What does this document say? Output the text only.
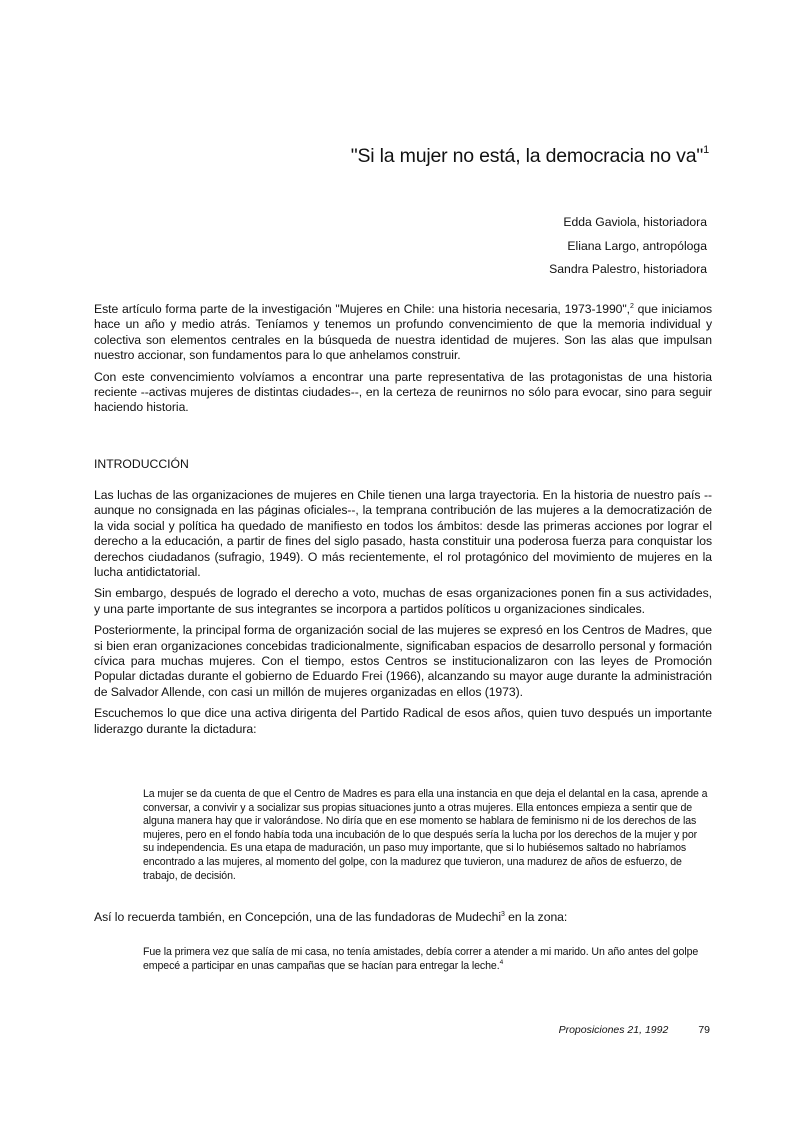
"Si la mujer no está, la democracia no va"$^1$
Edda Gaviola, historiadora
Eliana Largo, antropóloga
Sandra Palestro, historiadora

Este artículo forma parte de la investigación "Mujeres en Chile: una historia necesaria, 1973-1990",$^2$ que iniciamos hace un año y medio atrás. Teníamos y tenemos un profundo convencimiento de que la memoria individual y colectiva son elementos centrales en la búsqueda de nuestra identidad de mujeres. Son las alas que impulsan nuestro accionar, son fundamentos para lo que anhelamos construir.

Con este convencimiento volvíamos a encontrar una parte representativa de las protagonistas de una historia reciente --activas mujeres de distintas ciudades--, en la certeza de reunirnos no sólo para evocar, sino para seguir haciendo historia.

INTRODUCCIÓN

Las luchas de las organizaciones de mujeres en Chile tienen una larga trayectoria. En la historia de nuestro país --aunque no consignada en las páginas oficiales--, la temprana contribución de las mujeres a la democratización de la vida social y política ha quedado de manifiesto en todos los ámbitos: desde las primeras acciones por lograr el derecho a la educación, a partir de fines del siglo pasado, hasta constituir una poderosa fuerza para conquistar los derechos ciudadanos (sufragio, 1949). O más recientemente, el rol protagónico del movimiento de mujeres en la lucha antidictatorial.

Sin embargo, después de logrado el derecho a voto, muchas de esas organizaciones ponen fin a sus actividades, y una parte importante de sus integrantes se incorpora a partidos políticos u organizaciones sindicales.

Posteriormente, la principal forma de organización social de las mujeres se expresó en los Centros de Madres, que si bien eran organizaciones concebidas tradicionalmente, significaban espacios de desarrollo personal y formación cívica para muchas mujeres. Con el tiempo, estos Centros se institucionalizaron con las leyes de Promoción Popular dictadas durante el gobierno de Eduardo Frei (1966), alcanzando su mayor auge durante la administración de Salvador Allende, con casi un millón de mujeres organizadas en ellos (1973).

Escuchemos lo que dice una activa dirigenta del Partido Radical de esos años, quien tuvo después un importante liderazgo durante la dictadura:

La mujer se da cuenta de que el Centro de Madres es para ella una instancia en que deja el delantal en la casa, aprende a conversar, a convivir y a socializar sus propias situaciones junto a otras mujeres. Ella entonces empieza a sentir que de alguna manera hay que ir valorándose. No diría que en ese momento se hablara de feminismo ni de los derechos de las mujeres, pero en el fondo había toda una incubación de lo que después sería la lucha por los derechos de la mujer y por su independencia. Es una etapa de maduración, un paso muy importante, que si lo hubiésemos saltado no habríamos encontrado a las mujeres, al momento del golpe, con la madurez que tuvieron, una madurez de años de esfuerzo, de trabajo, de decisión.

Así lo recuerda también, en Concepción, una de las fundadoras de Mudechi$^3$ en la zona:

Fue la primera vez que salía de mi casa, no tenía amistades, debía correr a atender a mi marido. Un año antes del golpe empecé a participar en unas campañas que se hacían para entregar la leche.$^4$
Proposiciones 21, 1992	79
